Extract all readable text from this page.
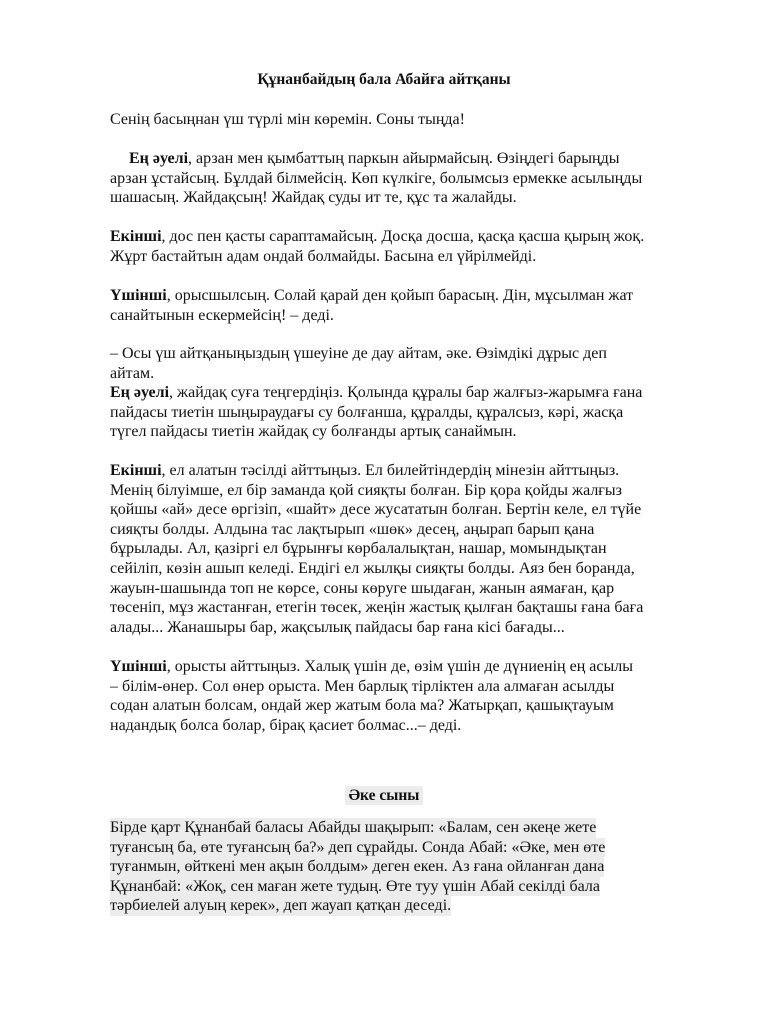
Құнанбайдың бала Абайға айтқаны
Сенің басыңнан үш түрлі мін көремін. Соны тыңда!
Ең әуелі, арзан мен қымбаттың паркын айырмайсың. Өзіңдегі барыңды
арзан ұстайсың. Бұлдай білмейсің. Көп күлкіге, болымсыз ермекке асылыңды
шашасың. Жайдақсың! Жайдақ суды ит те, құс та жалайды.
Екінші, дос пен қасты сараптамайсың. Досқа досша, қасқа қасша қырың жоқ.
Жұрт бастайтын адам ондай болмайды. Басына ел үйрілмейді.
Үшінші, орысшылсың. Солай қарай ден қойып барасың. Дін, мұсылман жат
санайтынын ескермейсің! – деді.
– Осы үш айтқаныңыздың үшеуіне де дау айтам, әке. Өзімдікі дұрыс деп
айтам.
Ең әуелі, жайдақ суға теңгердіңіз. Қолында құралы бар жалғыз-жарымға ғана
пайдасы тиетін шыңыраудағы су болғанша, құралды, құралсыз, кәрі, жасқа
түгел пайдасы тиетін жайдақ су болғанды артық санаймын.
Екінші, ел алатын тәсілді айттыңыз. Ел билейтіндердің мінезін айттыңыз.
Менің білуімше, ел бір заманда қой сияқты болған. Бір қора қойды жалғыз
қойшы «ай» десе өргізіп, «шайт» десе жусататын болған. Бертін келе, ел түйе
сияқты болды. Алдына тас лақтырып «шөк» десең, аңырап барып қана
бұрылады. Ал, қазіргі ел бұрынғы көрбалалықтан, нашар, момындықтан
сейіліп, көзін ашып келеді. Ендігі ел жылқы сияқты болды. Аяз бен боранда,
жауын-шашында топ не көрсе, соны көруге шыдаған, жанын аямаған, қар
төсеніп, мұз жастанған, етегін төсек, жеңін жастық қылған бақташы ғана баға
алады... Жанашыры бар, жақсылық пайдасы бар ғана кісі бағады...
Үшінші, орысты айттыңыз. Халық үшін де, өзім үшін де дүниенің ең асылы
– білім-өнер. Сол өнер орыста. Мен барлық тірліктен ала алмаған асылды
содан алатын болсам, ондай жер жатым бола ма? Жатырқап, қашықтауым
надандық болса болар, бірақ қасиет болмас...– деді.
Әке сыны
Бірде қарт Құнанбай баласы Абайды шақырып: «Балам, сен әкеңе жете
туғансың ба, өте туғансың ба?» деп сұрайды. Сонда Абай: «Әке, мен өте
туғанмын, өйткені мен ақын болдым» деген екен. Аз ғана ойланған дана
Құнанбай: «Жоқ, сен маған жете тудың. Өте туу үшін Абай секілді бала
тәрбиелей алуың керек», деп жауап қатқан деседі.
